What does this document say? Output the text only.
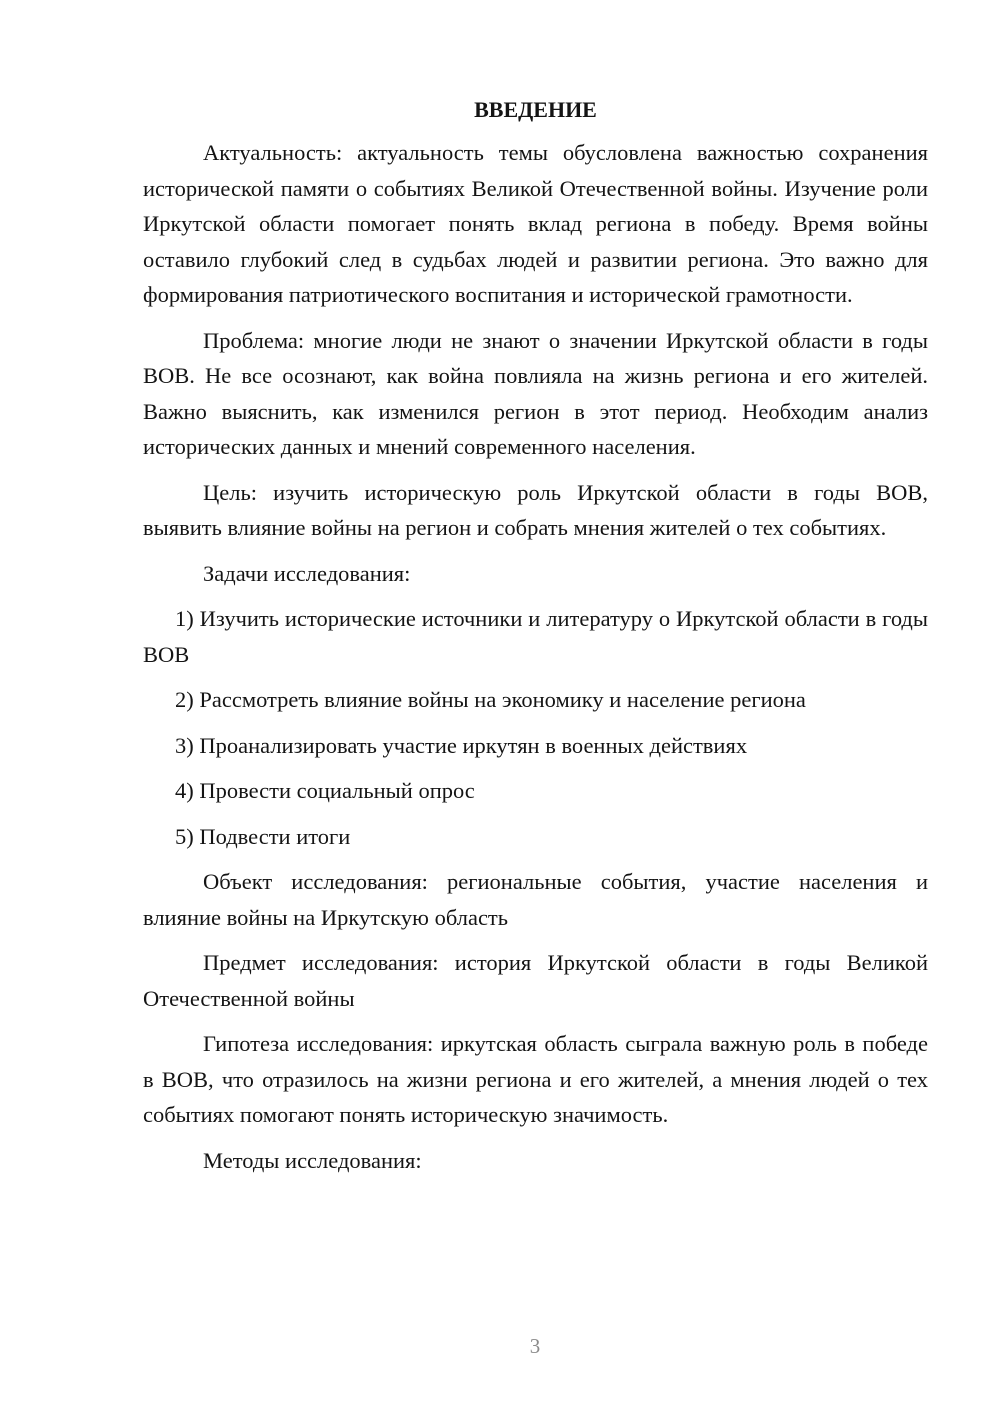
ВВЕДЕНИЕ

Актуальность: актуальность темы обусловлена важностью сохранения исторической памяти о событиях Великой Отечественной войны. Изучение роли Иркутской области помогает понять вклад региона в победу. Время войны оставило глубокий след в судьбах людей и развитии региона. Это важно для формирования патриотического воспитания и исторической грамотности.

Проблема: многие люди не знают о значении Иркутской области в годы ВОВ. Не все осознают, как война повлияла на жизнь региона и его жителей. Важно выяснить, как изменился регион в этот период. Необходим анализ исторических данных и мнений современного населения.

Цель: изучить историческую роль Иркутской области в годы ВОВ, выявить влияние войны на регион и собрать мнения жителей о тех событиях.

Задачи исследования:

1) Изучить исторические источники и литературу о Иркутской области в годы ВОВ

2) Рассмотреть влияние войны на экономику и население региона

3) Проанализировать участие иркутян в военных действиях

4) Провести социальный опрос

5) Подвести итоги

Объект исследования: региональные события, участие населения и влияние войны на Иркутскую область

Предмет исследования: история Иркутской области в годы Великой Отечественной войны

Гипотеза исследования: иркутская область сыграла важную роль в победе в ВОВ, что отразилось на жизни региона и его жителей, а мнения людей о тех событиях помогают понять историческую значимость.

Методы исследования:

3
